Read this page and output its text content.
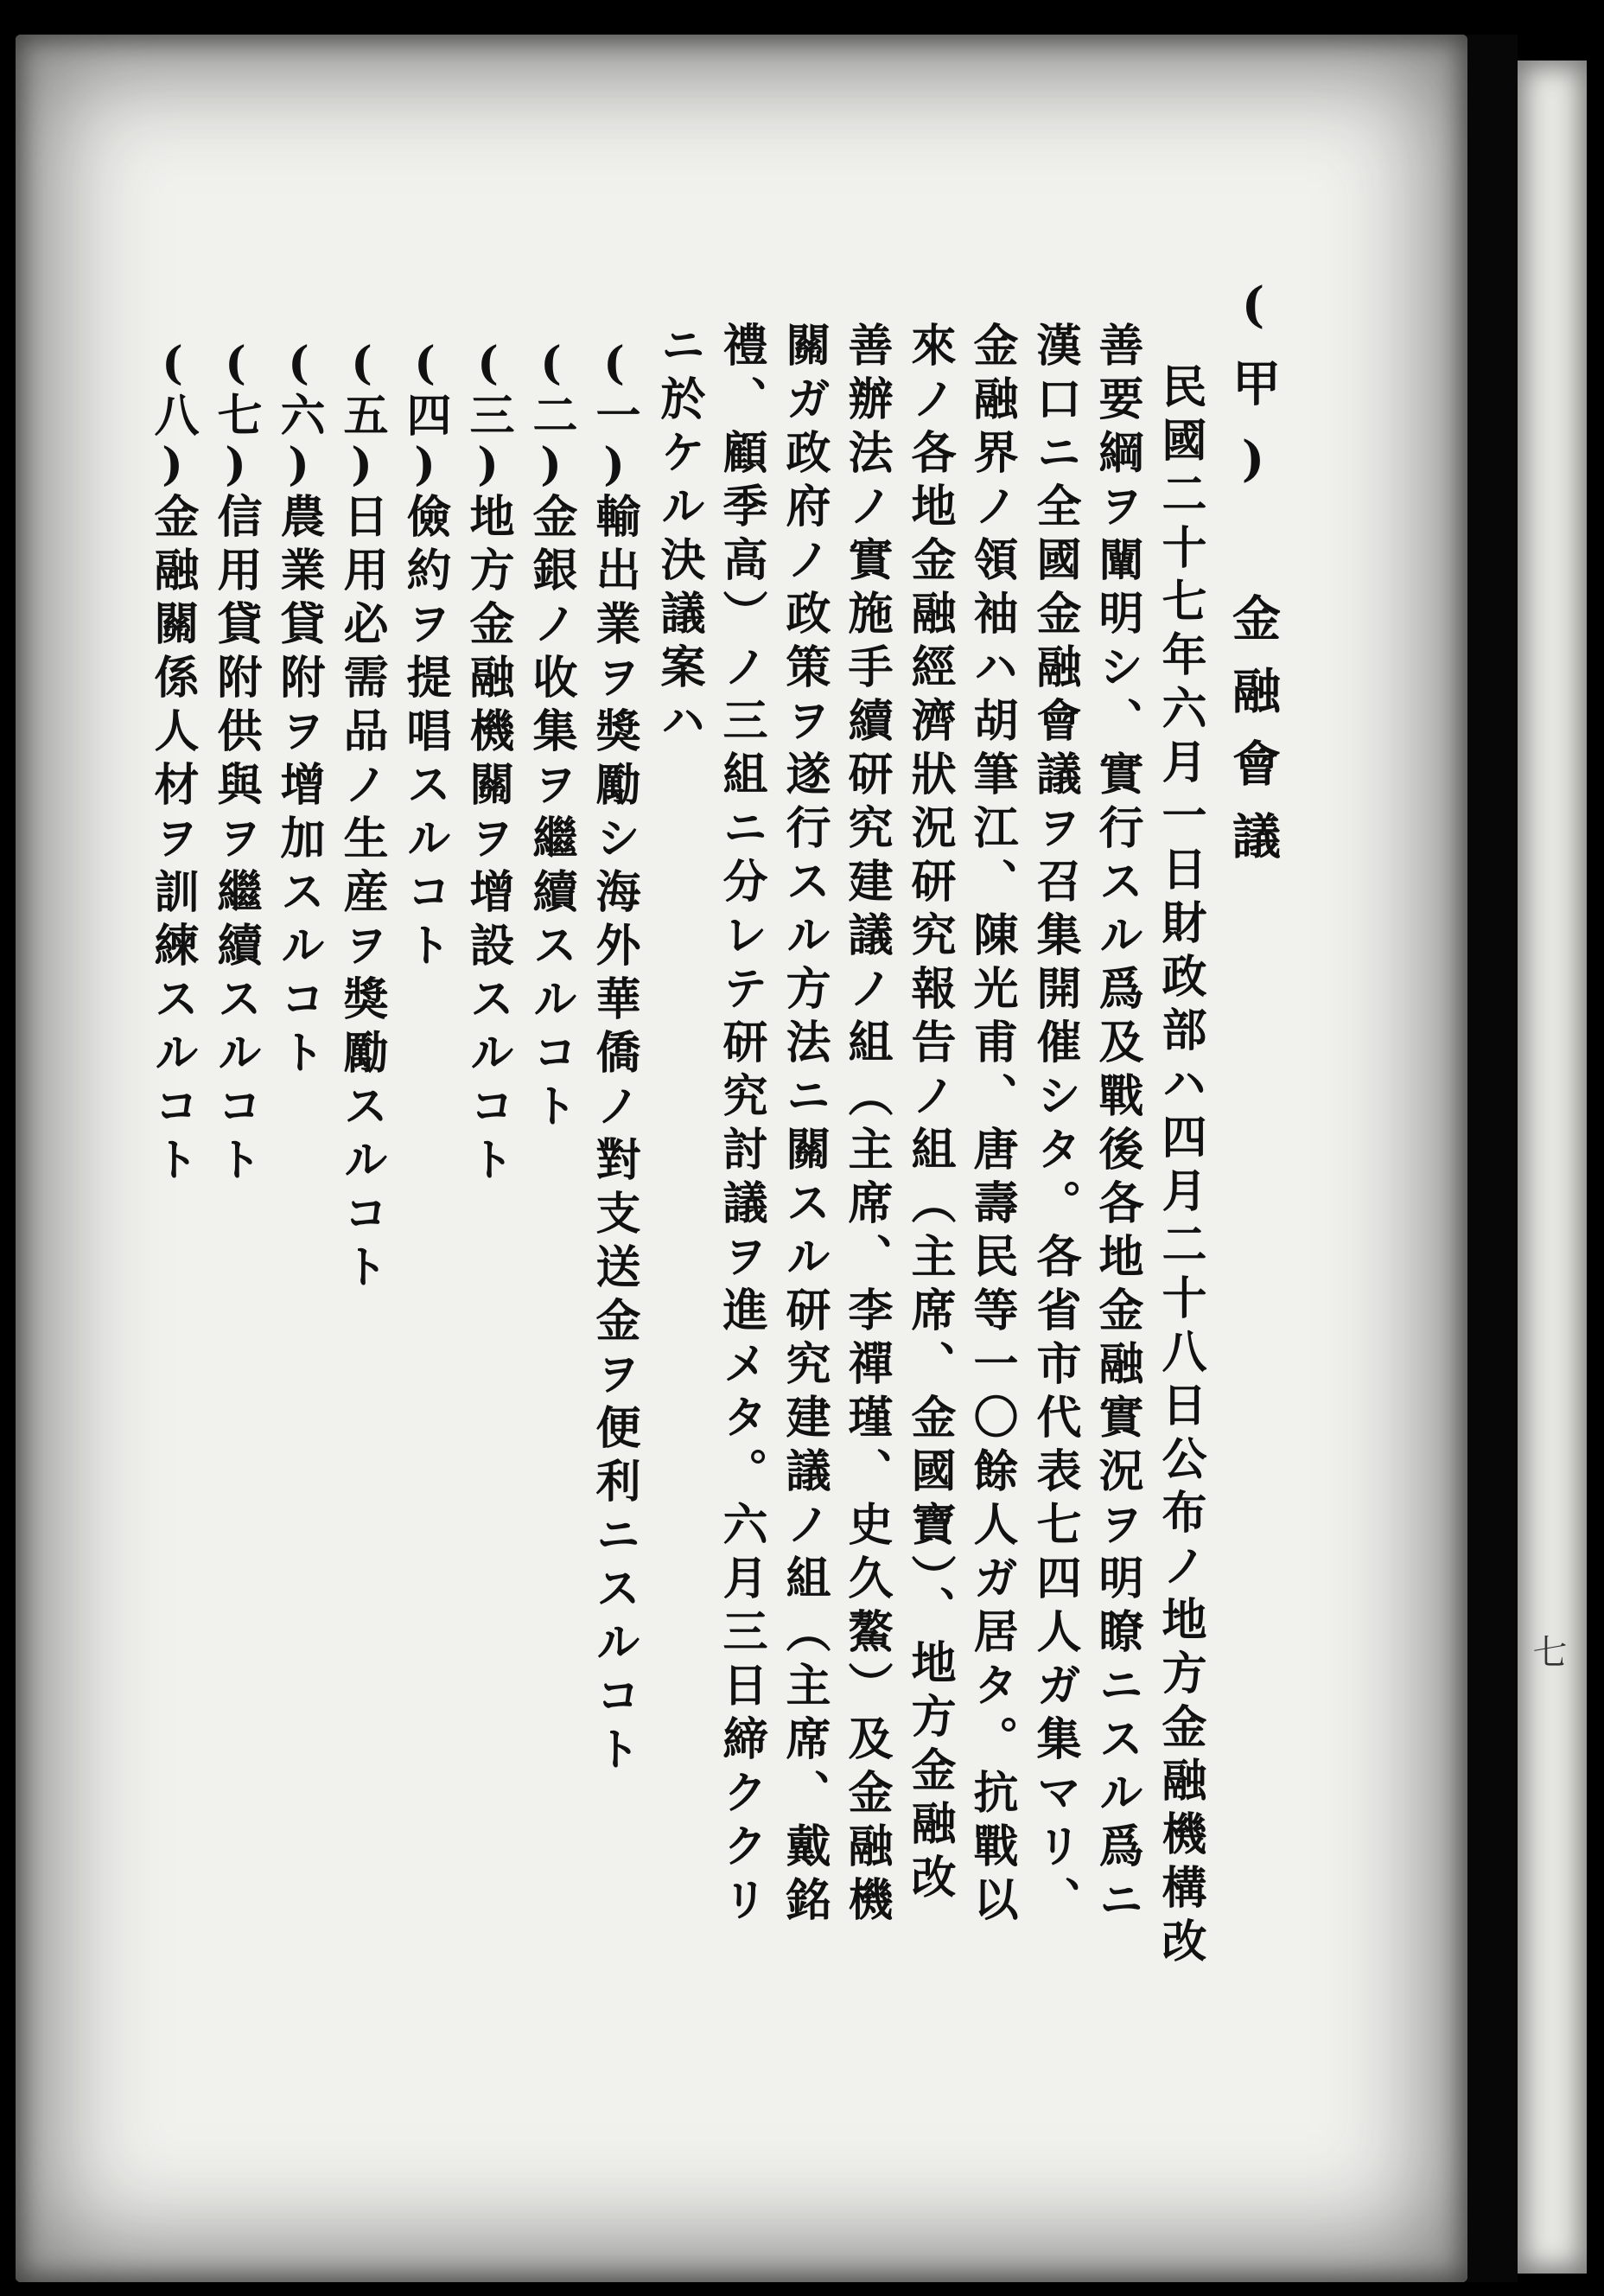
七
(甲) 金融會議
民國二十七年六月一日財政部ハ四月二十八日公布ノ地方金融機構改
善要綱ヲ闡明シ、實行スル爲及戰後各地金融實況ヲ明瞭ニスル爲ニ
漢口ニ全國金融會議ヲ召集開催シタ。各省市代表七四人ガ集マリ、
金融界ノ領袖ハ胡筆江、陳光甫、唐壽民等一〇餘人ガ居タ。抗戰以
來ノ各地金融經濟狀況研究報告ノ組（主席、金國寶）、地方金融改
善辦法ノ實施手續研究建議ノ組（主席、李禪瑾、史久鰲）及金融機
關ガ政府ノ政策ヲ遂行スル方法ニ關スル研究建議ノ組（主席、戴銘
禮、顧季高）ノ三組ニ分レテ研究討議ヲ進メタ。六月三日締ククリ
ニ於ケル決議案ハ
(一)輸出業ヲ獎勵シ海外華僑ノ對支送金ヲ便利ニスルコト
(二)金銀ノ收集ヲ繼續スルコト
(三)地方金融機關ヲ增設スルコト
(四)儉約ヲ提唱スルコト
(五)日用必需品ノ生産ヲ獎勵スルコト
(六)農業貸附ヲ增加スルコト
(七)信用貸附供與ヲ繼續スルコト
(八)金融關係人材ヲ訓練スルコト
